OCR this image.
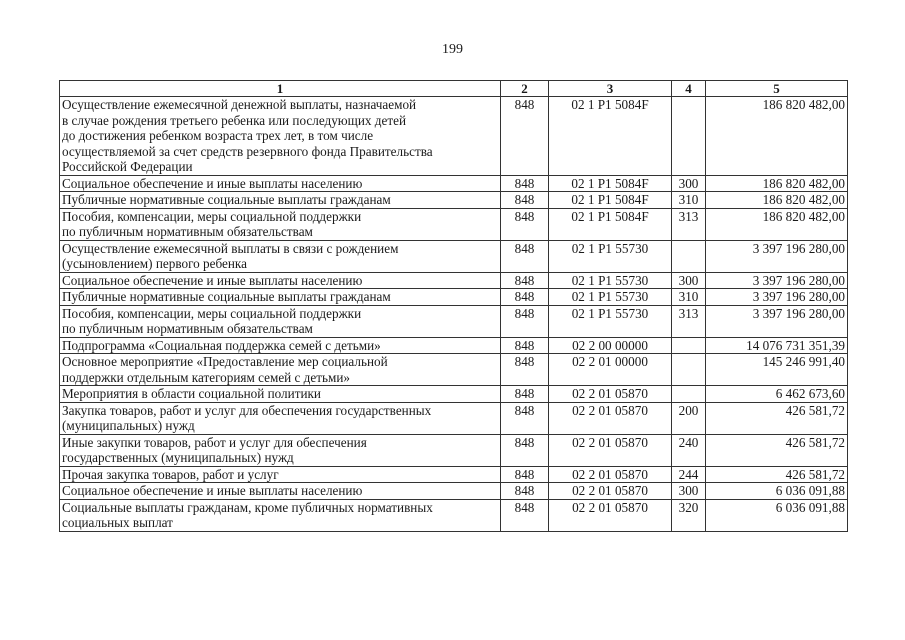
199
1	2	3	4	5
Осуществление ежемесячной денежной выплаты, назначаемой
в случае рождения третьего ребенка или последующих детей
до достижения ребенком возраста трех лет, в том числе
осуществляемой за счет средств резервного фонда Правительства
Российской Федерации	848	02 1 P1 5084F		186 820 482,00
Социальное обеспечение и иные выплаты населению	848	02 1 P1 5084F	300	186 820 482,00
Публичные нормативные социальные выплаты гражданам	848	02 1 P1 5084F	310	186 820 482,00
Пособия, компенсации, меры социальной поддержки
по публичным нормативным обязательствам	848	02 1 P1 5084F	313	186 820 482,00
Осуществление ежемесячной выплаты в связи с рождением
(усыновлением) первого ребенка	848	02 1 P1 55730		3 397 196 280,00
Социальное обеспечение и иные выплаты населению	848	02 1 P1 55730	300	3 397 196 280,00
Публичные нормативные социальные выплаты гражданам	848	02 1 P1 55730	310	3 397 196 280,00
Пособия, компенсации, меры социальной поддержки
по публичным нормативным обязательствам	848	02 1 P1 55730	313	3 397 196 280,00
Подпрограмма «Социальная поддержка семей с детьми»	848	02 2 00 00000		14 076 731 351,39
Основное мероприятие «Предоставление мер социальной
поддержки отдельным категориям семей с детьми»	848	02 2 01 00000		145 246 991,40
Мероприятия в области социальной политики	848	02 2 01 05870		6 462 673,60
Закупка товаров, работ и услуг для обеспечения государственных
(муниципальных) нужд	848	02 2 01 05870	200	426 581,72
Иные закупки товаров, работ и услуг для обеспечения
государственных (муниципальных) нужд	848	02 2 01 05870	240	426 581,72
Прочая закупка товаров, работ и услуг	848	02 2 01 05870	244	426 581,72
Социальное обеспечение и иные выплаты населению	848	02 2 01 05870	300	6 036 091,88
Социальные выплаты гражданам, кроме публичных нормативных
социальных выплат	848	02 2 01 05870	320	6 036 091,88
